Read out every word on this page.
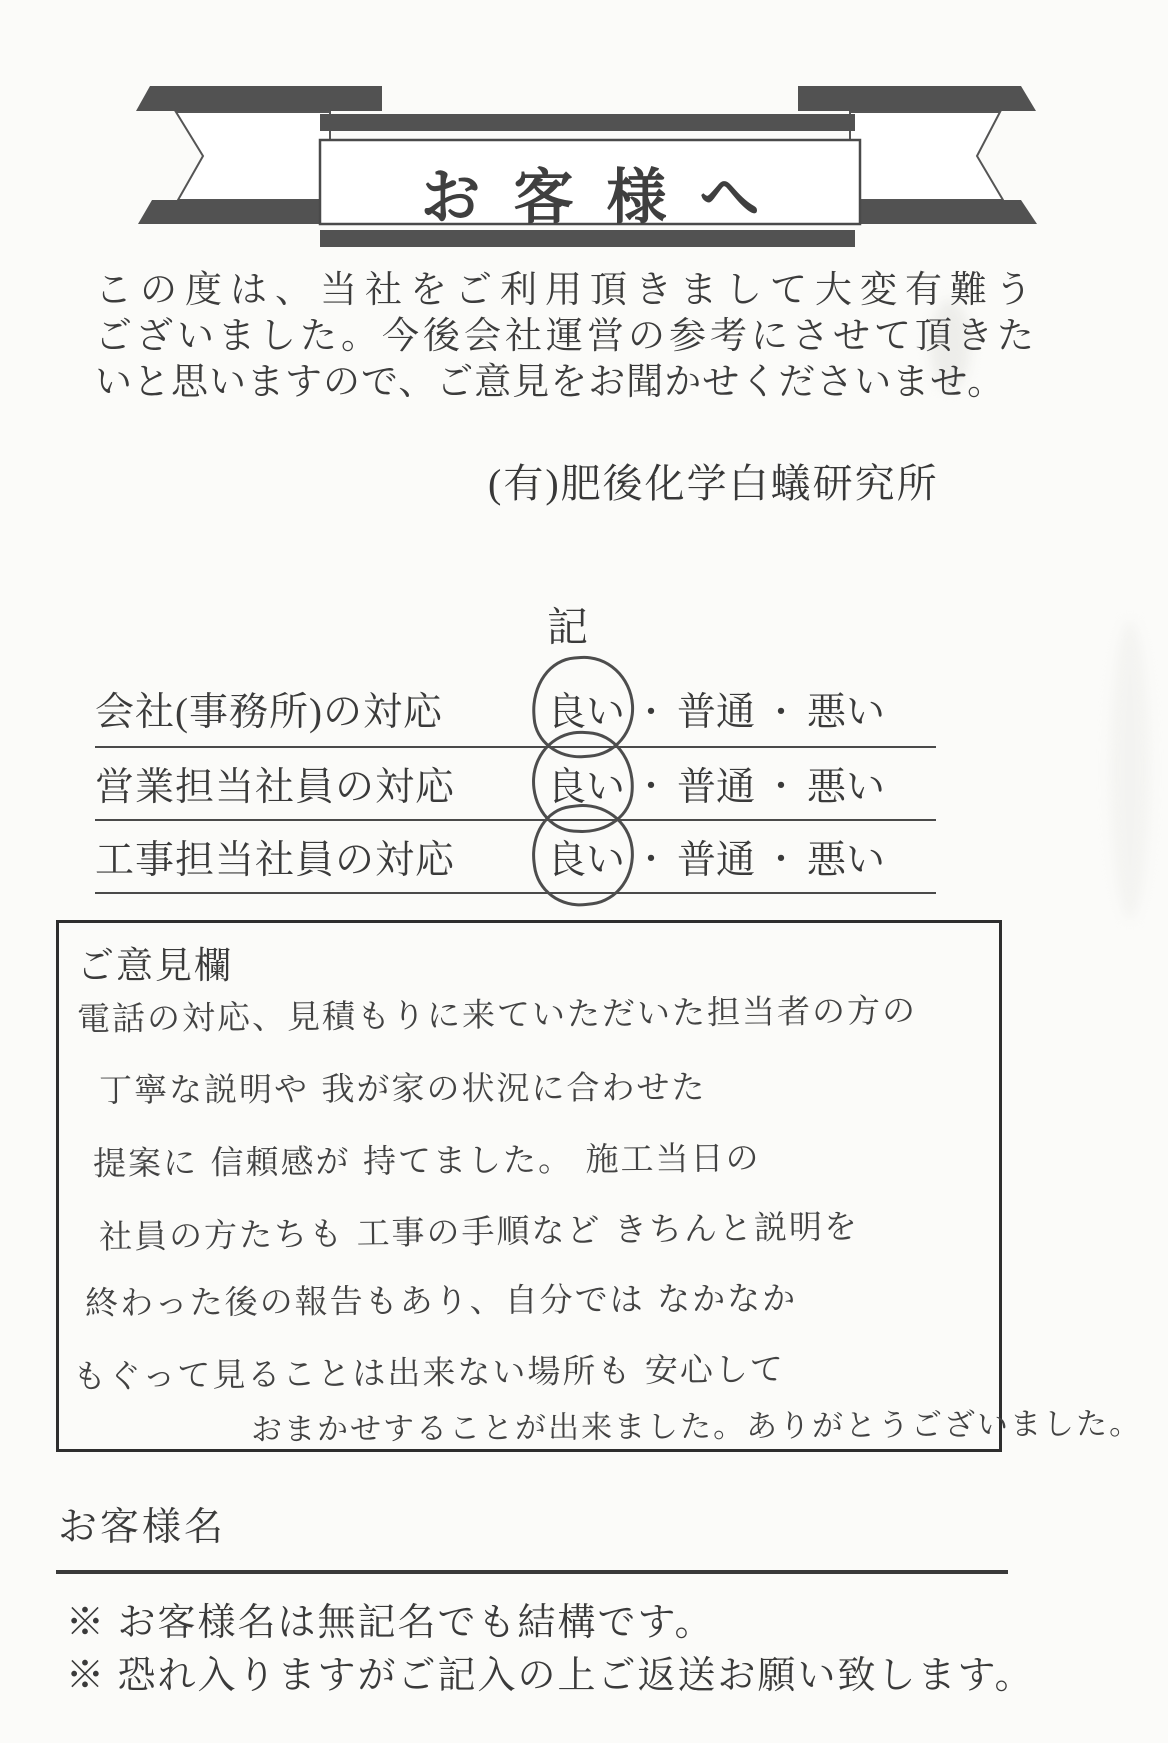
お客様へ
この度は、当社をご利用頂きまして大変有難う
ございました。今後会社運営の参考にさせて頂きた
いと思いますので、ご意見をお聞かせくださいませ。
(有)肥後化学白蟻研究所
記
会社(事務所)の対応	良い ・ 普通 ・ 悪い
営業担当社員の対応 良い ・ 普通 ・ 悪い
工事担当社員の対応 良い ・ 普通 ・ 悪い
ご意見欄
電話の対応、見積もりに来ていただいた担当者の方の
丁寧な説明や 我が家の状況に合わせた
提案に 信頼感が 持てました。 施工当日の
社員の方たちも 工事の手順など きちんと説明を
終わった後の報告もあり、自分では なかなか
もぐって見ることは出来ない場所も 安心して
おまかせすることが出来ました。ありがとうございました。
お客様名
※ お客様名は無記名でも結構です。
※ 恐れ入りますがご記入の上ご返送お願い致します。
